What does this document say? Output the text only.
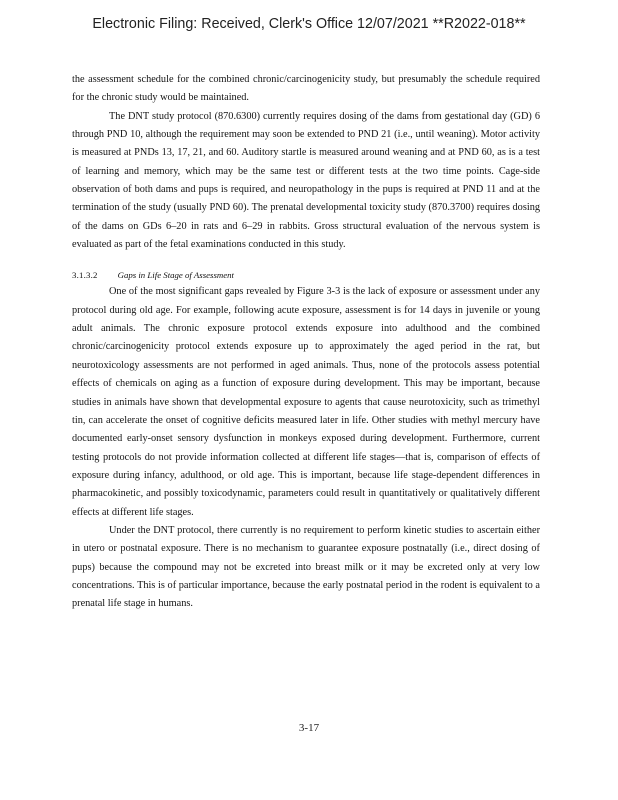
Electronic Filing: Received, Clerk's Office 12/07/2021 **R2022-018**

the assessment schedule for the combined chronic/carcinogenicity study, but presumably the schedule required for the chronic study would be maintained.

The DNT study protocol (870.6300) currently requires dosing of the dams from gestational day (GD) 6 through PND 10, although the requirement may soon be extended to PND 21 (i.e., until weaning). Motor activity is measured at PNDs 13, 17, 21, and 60. Auditory startle is measured around weaning and at PND 60, as is a test of learning and memory, which may be the same test or different tests at the two time points. Cage-side observation of both dams and pups is required, and neuropathology in the pups is required at PND 11 and at the termination of the study (usually PND 60). The prenatal developmental toxicity study (870.3700) requires dosing of the dams on GDs 6–20 in rats and 6–29 in rabbits. Gross structural evaluation of the nervous system is evaluated as part of the fetal examinations conducted in this study.

3.1.3.2 Gaps in Life Stage of Assessment

One of the most significant gaps revealed by Figure 3-3 is the lack of exposure or assessment under any protocol during old age. For example, following acute exposure, assessment is for 14 days in juvenile or young adult animals. The chronic exposure protocol extends exposure into adulthood and the combined chronic/carcinogenicity protocol extends exposure up to approximately the aged period in the rat, but neurotoxicology assessments are not performed in aged animals. Thus, none of the protocols assess potential effects of chemicals on aging as a function of exposure during development. This may be important, because studies in animals have shown that developmental exposure to agents that cause neurotoxicity, such as trimethyl tin, can accelerate the onset of cognitive deficits measured later in life. Other studies with methyl mercury have documented early-onset sensory dysfunction in monkeys exposed during development. Furthermore, current testing protocols do not provide information collected at different life stages—that is, comparison of effects of exposure during infancy, adulthood, or old age. This is important, because life stage-dependent differences in pharmacokinetic, and possibly toxicodynamic, parameters could result in quantitatively or qualitatively different effects at different life stages.

Under the DNT protocol, there currently is no requirement to perform kinetic studies to ascertain either in utero or postnatal exposure. There is no mechanism to guarantee exposure postnatally (i.e., direct dosing of pups) because the compound may not be excreted into breast milk or it may be excreted only at very low concentrations. This is of particular importance, because the early postnatal period in the rodent is equivalent to a prenatal life stage in humans.

3-17
